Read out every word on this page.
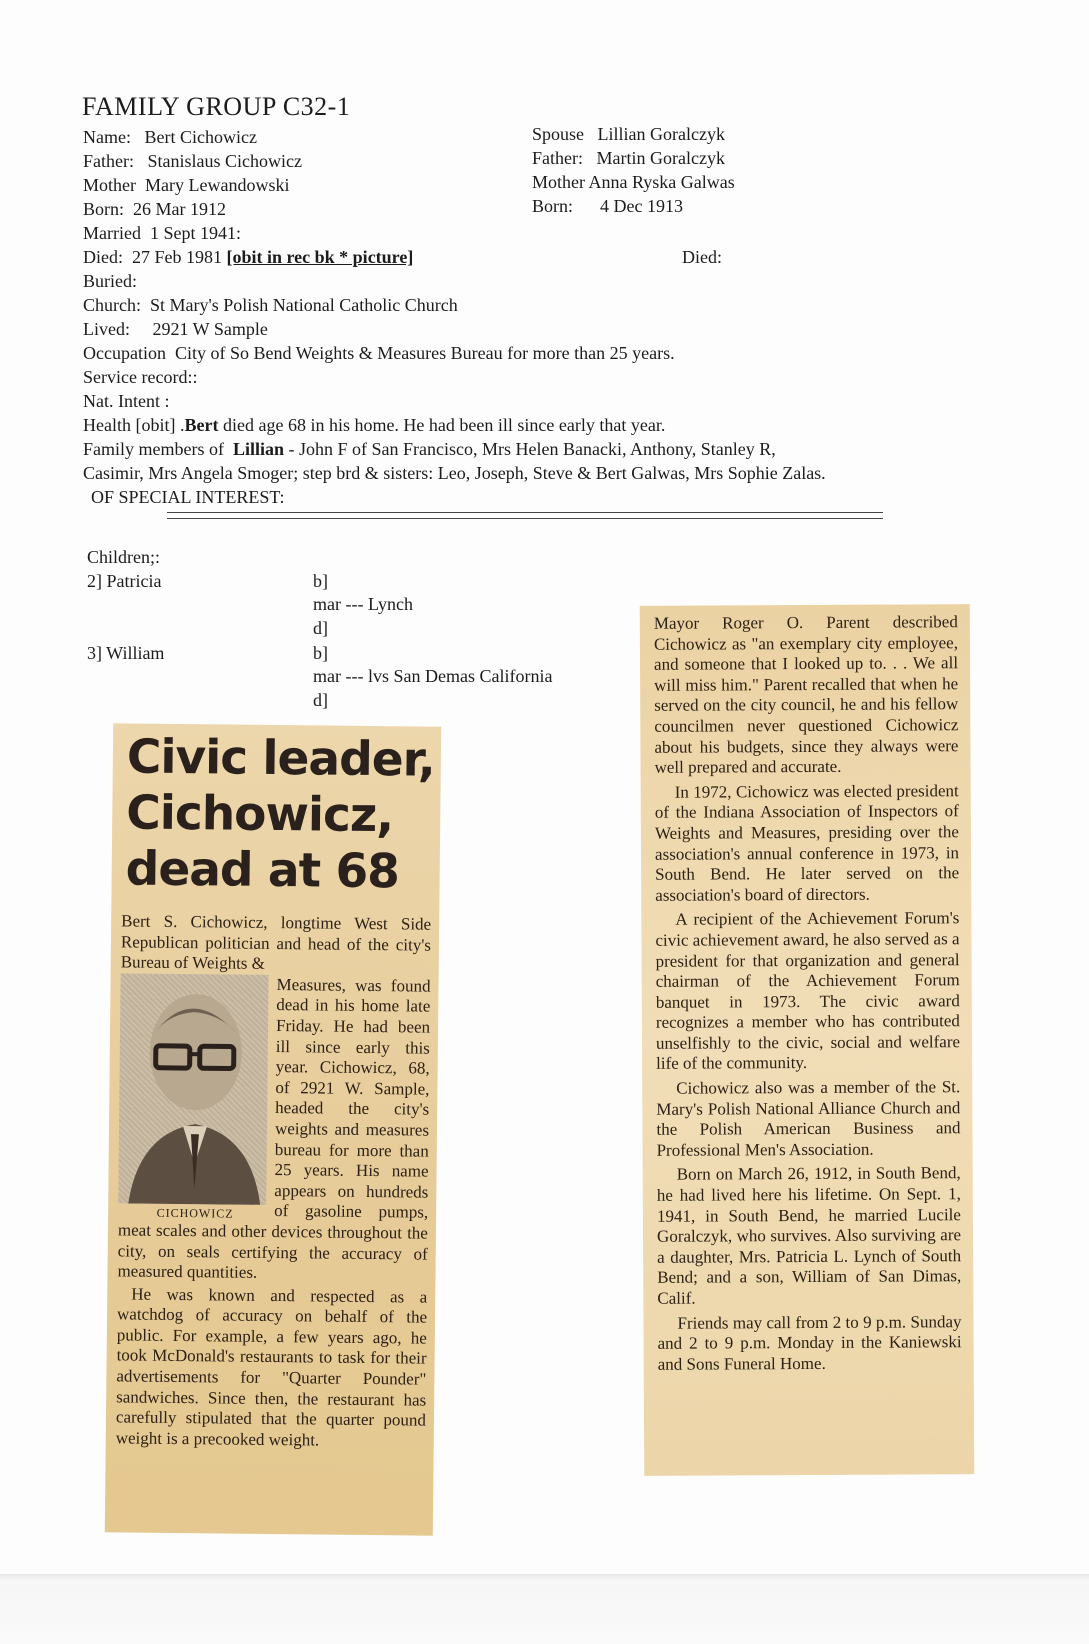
FAMILY GROUP C32-1
Name: Bert Cichowicz
Father: Stanislaus Cichowicz
Mother Mary Lewandowski
Born: 26 Mar 1912
Married 1 Sept 1941:
Died: 27 Feb 1981 [obit in rec bk * picture]
Buried:
Church: St Mary's Polish National Catholic Church
Lived: 2921 W Sample
Occupation City of So Bend Weights & Measures Bureau for more than 25 years.
Service record::
Nat. Intent :
Health [obit] .Bert died age 68 in his home. He had been ill since early that year.
Family members of  Lillian - John F of San Francisco, Mrs Helen Banacki, Anthony, Stanley R,
Casimir, Mrs Angela Smoger; step brd & sisters: Leo, Joseph, Steve & Bert Galwas, Mrs Sophie Zalas.
OF SPECIAL INTEREST:
Spouse Lillian Goralczyk
Father: Martin Goralczyk
Mother Anna Ryska Galwas
Born: 4 Dec 1913
Died:
Children;:
2] Patricia	b]
mar --- Lynch
d]
3] William	b]
mar --- lvs San Demas California
d]
Civic leader,
Cichowicz,
dead at 68
Bert S. Cichowicz, longtime West Side Republican politician and head of the city's Bureau of Weights &
CICHOWICZ
Measures, was found dead in his home late Friday. He had been ill since early this year. Cichowicz, 68, of 2921 W. Sample, headed the city's weights and measures bureau for more than 25 years. His name appears on hundreds of gasoline pumps, meat scales and other devices throughout the city, on seals certifying the accuracy of measured quantities.
He was known and respected as a watchdog of accuracy on behalf of the public. For example, a few years ago, he took McDonald's restaurants to task for their advertisements for "Quarter Pounder" sandwiches. Since then, the restaurant has carefully stipulated that the quarter pound weight is a precooked weight.
Mayor Roger O. Parent described Cichowicz as "an exemplary city employee, and someone that I looked up to. . . We all will miss him." Parent recalled that when he served on the city council, he and his fellow councilmen never questioned Cichowicz about his budgets, since they always were well prepared and accurate.
In 1972, Cichowicz was elected president of the Indiana Association of Inspectors of Weights and Measures, presiding over the association's annual conference in 1973, in South Bend. He later served on the association's board of directors.
A recipient of the Achievement Forum's civic achievement award, he also served as a president for that organization and general chairman of the Achievement Forum banquet in 1973. The civic award recognizes a member who has contributed unselfishly to the civic, social and welfare life of the community.
Cichowicz also was a member of the St. Mary's Polish National Alliance Church and the Polish American Business and Professional Men's Association.
Born on March 26, 1912, in South Bend, he had lived here his lifetime. On Sept. 1, 1941, in South Bend, he married Lucile Goralczyk, who survives. Also surviving are a daughter, Mrs. Patricia L. Lynch of South Bend; and a son, William of San Dimas, Calif.
Friends may call from 2 to 9 p.m. Sunday and 2 to 9 p.m. Monday in the Kaniewski and Sons Funeral Home.
